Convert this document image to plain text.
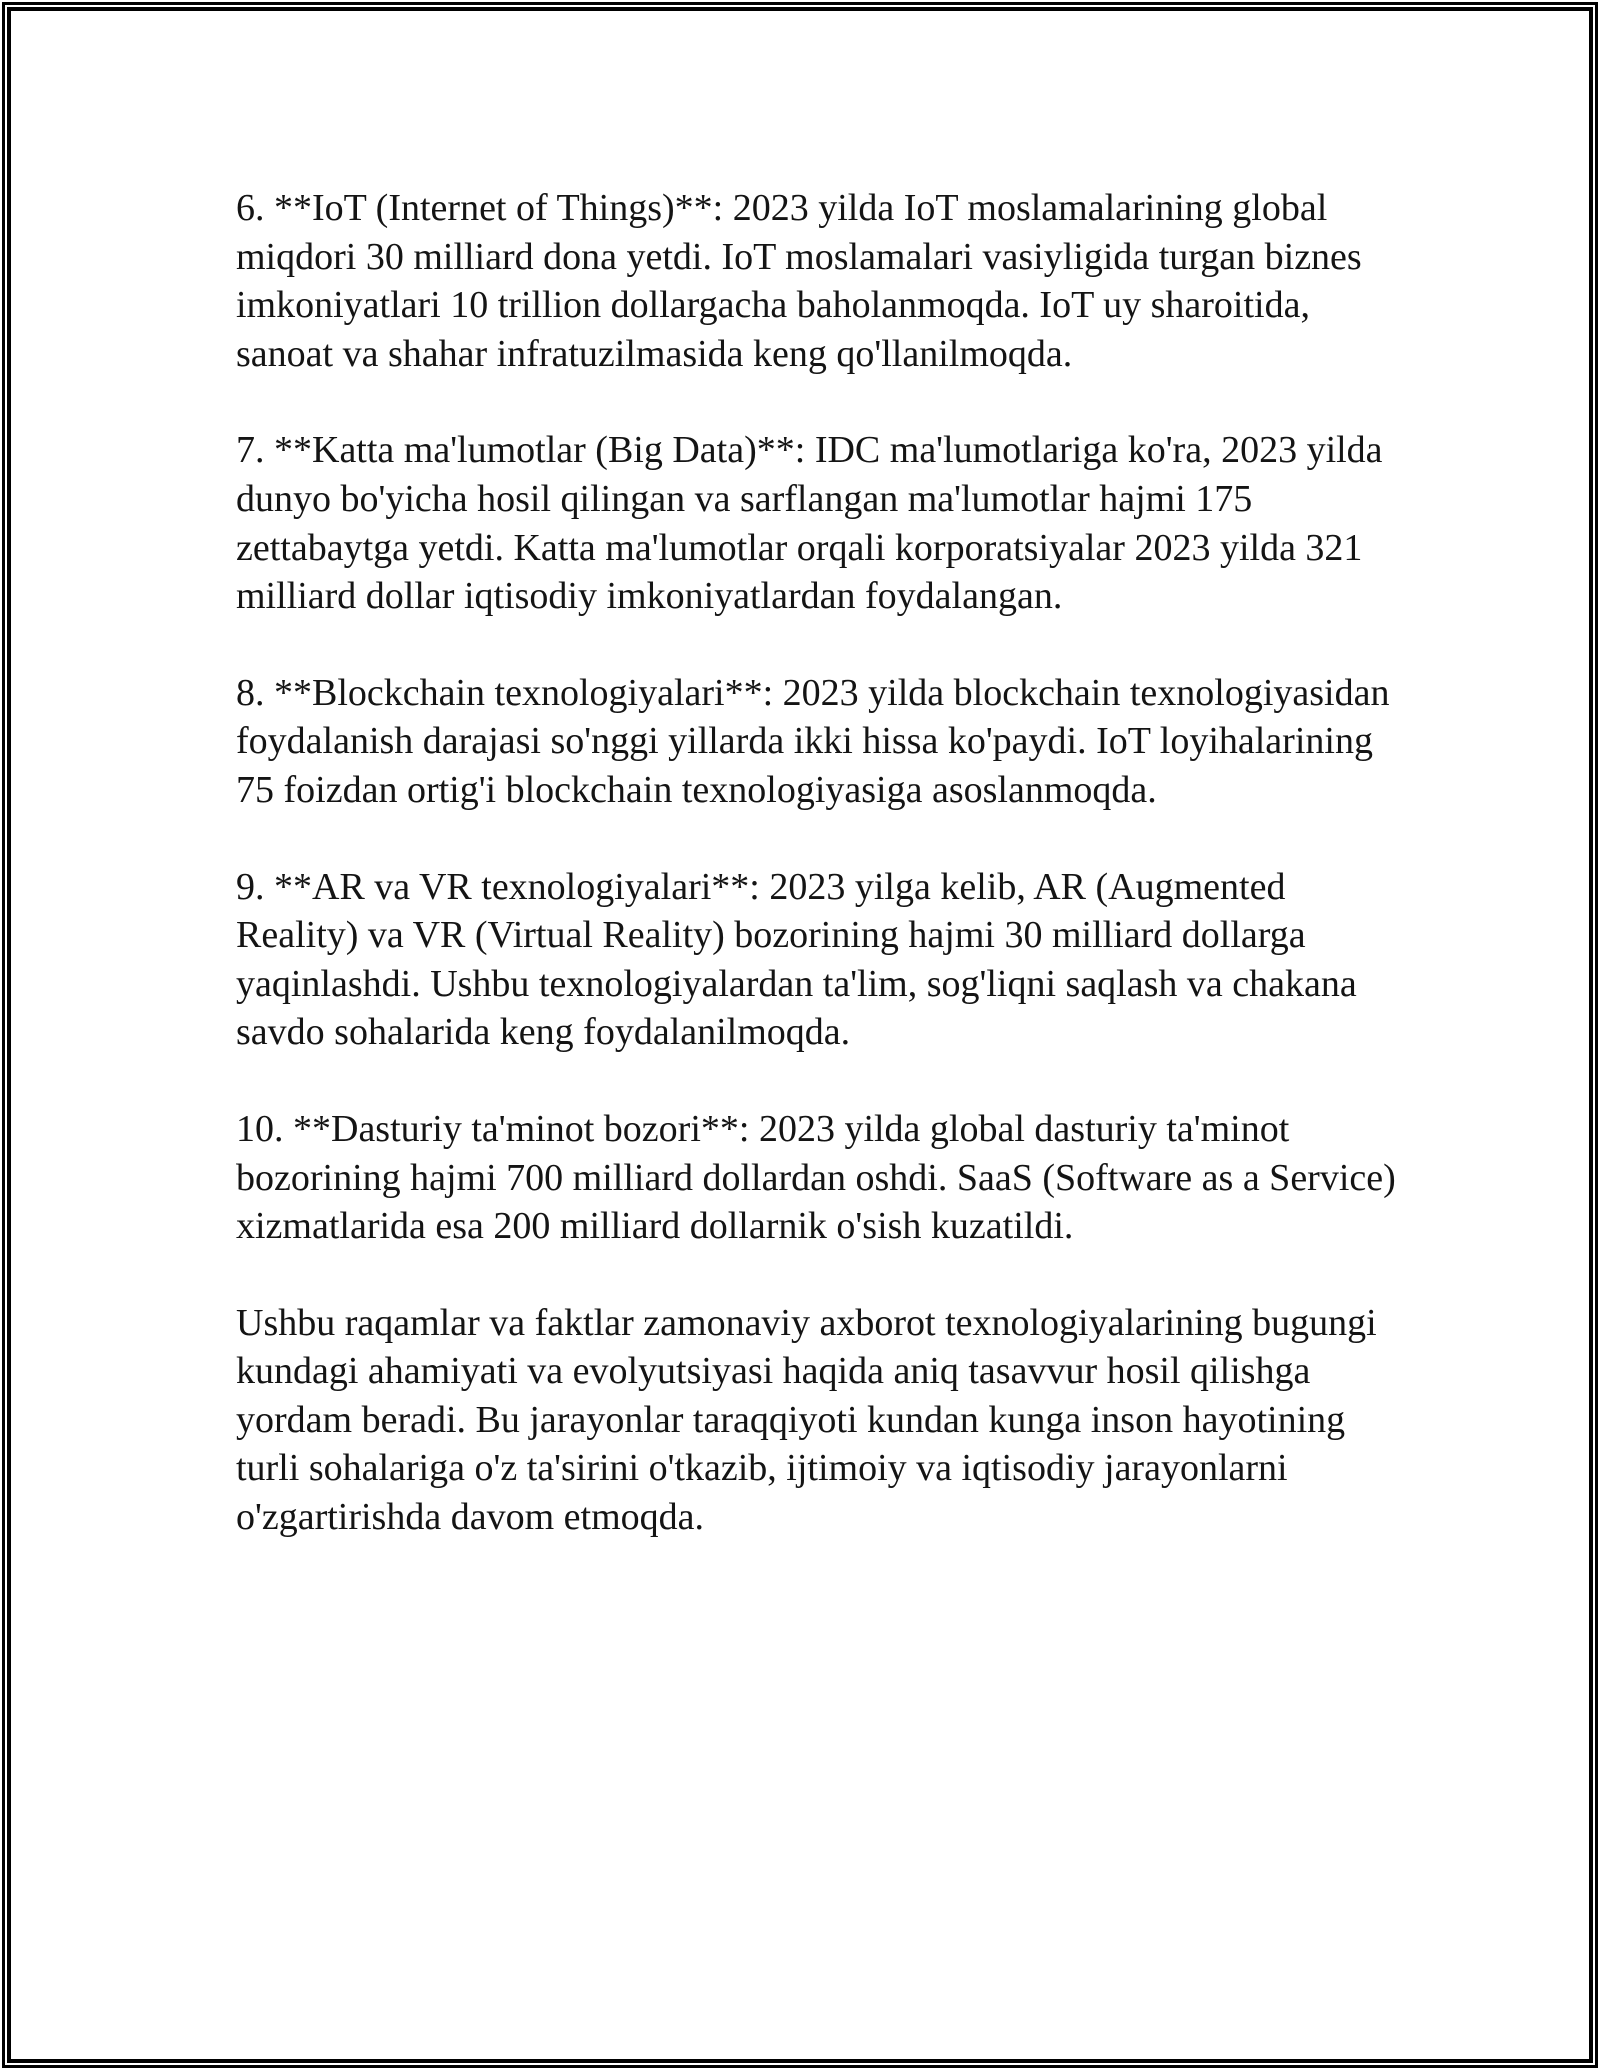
6. **IoT (Internet of Things)**: 2023 yilda IoT moslamalarining global
miqdori 30 milliard dona yetdi. IoT moslamalari vasiyligida turgan biznes
imkoniyatlari 10 trillion dollargacha baholanmoqda. IoT uy sharoitida,
sanoat va shahar infratuzilmasida keng qo'llanilmoqda.

7. **Katta ma'lumotlar (Big Data)**: IDC ma'lumotlariga ko'ra, 2023 yilda
dunyo bo'yicha hosil qilingan va sarflangan ma'lumotlar hajmi 175
zettabaytga yetdi. Katta ma'lumotlar orqali korporatsiyalar 2023 yilda 321
milliard dollar iqtisodiy imkoniyatlardan foydalangan.

8. **Blockchain texnologiyalari**: 2023 yilda blockchain texnologiyasidan
foydalanish darajasi so'nggi yillarda ikki hissa ko'paydi. IoT loyihalarining
75 foizdan ortig'i blockchain texnologiyasiga asoslanmoqda.

9. **AR va VR texnologiyalari**: 2023 yilga kelib, AR (Augmented
Reality) va VR (Virtual Reality) bozorining hajmi 30 milliard dollarga
yaqinlashdi. Ushbu texnologiyalardan ta'lim, sog'liqni saqlash va chakana
savdo sohalarida keng foydalanilmoqda.

10. **Dasturiy ta'minot bozori**: 2023 yilda global dasturiy ta'minot
bozorining hajmi 700 milliard dollardan oshdi. SaaS (Software as a Service)
xizmatlarida esa 200 milliard dollarnik o'sish kuzatildi.

Ushbu raqamlar va faktlar zamonaviy axborot texnologiyalarining bugungi
kundagi ahamiyati va evolyutsiyasi haqida aniq tasavvur hosil qilishga
yordam beradi. Bu jarayonlar taraqqiyoti kundan kunga inson hayotining
turli sohalariga o'z ta'sirini o'tkazib, ijtimoiy va iqtisodiy jarayonlarni
o'zgartirishda davom etmoqda.
